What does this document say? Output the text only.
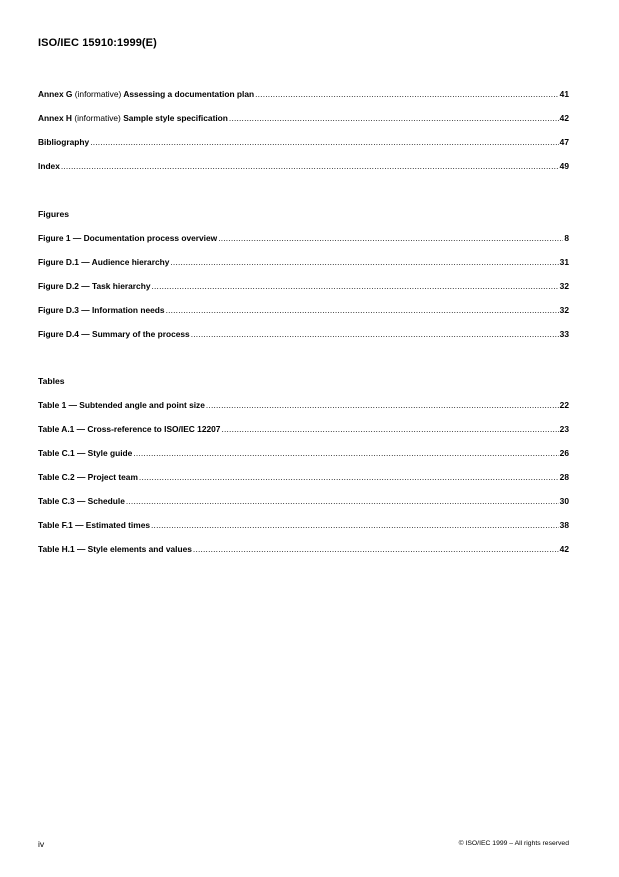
ISO/IEC 15910:1999(E)
Annex G (informative) Assessing a documentation plan .....	41
Annex H (informative) Sample style specification .....	42
Bibliography .....	47
Index .....	49
Figures
Figure 1 — Documentation process overview .....	8
Figure D.1 — Audience hierarchy .....	31
Figure D.2 — Task hierarchy .....	32
Figure D.3 — Information needs .....	32
Figure D.4 — Summary of the process .....	33
Tables
Table 1 — Subtended angle and point size .....	22
Table A.1 — Cross-reference to ISO/IEC 12207 .....	23
Table C.1 — Style guide .....	26
Table C.2 — Project team .....	28
Table C.3 — Schedule .....	30
Table F.1 — Estimated times .....	38
Table H.1 — Style elements and values .....	42
iv	© ISO/IEC 1999 – All rights reserved
